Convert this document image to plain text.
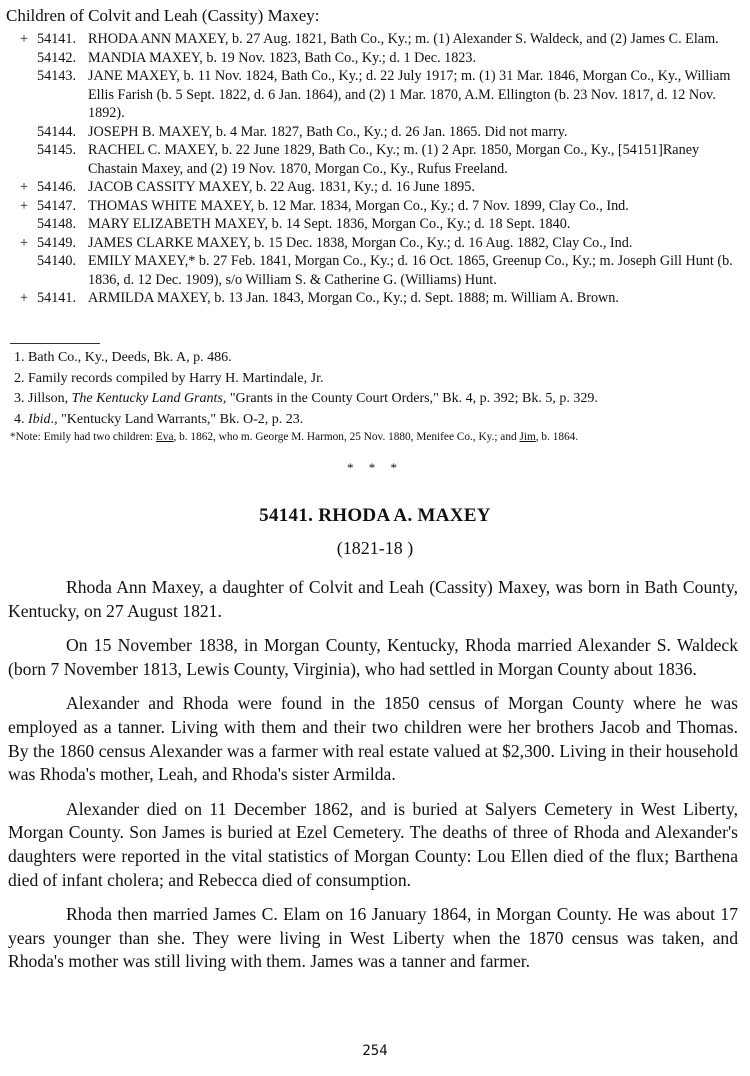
Children of Colvit and Leah (Cassity) Maxey:
+ 54141. RHODA ANN MAXEY, b. 27 Aug. 1821, Bath Co., Ky.; m. (1) Alexander S. Waldeck, and (2) James C. Elam.
54142. MANDIA MAXEY, b. 19 Nov. 1823, Bath Co., Ky.; d. 1 Dec. 1823.
54143. JANE MAXEY, b. 11 Nov. 1824, Bath Co., Ky.; d. 22 July 1917; m. (1) 31 Mar. 1846, Morgan Co., Ky., William Ellis Farish (b. 5 Sept. 1822, d. 6 Jan. 1864), and (2) 1 Mar. 1870, A.M. Ellington (b. 23 Nov. 1817, d. 12 Nov. 1892).
54144. JOSEPH B. MAXEY, b. 4 Mar. 1827, Bath Co., Ky.; d. 26 Jan. 1865. Did not marry.
54145. RACHEL C. MAXEY, b. 22 June 1829, Bath Co., Ky.; m. (1) 2 Apr. 1850, Morgan Co., Ky., [54151]Raney Chastain Maxey, and (2) 19 Nov. 1870, Morgan Co., Ky., Rufus Freeland.
+ 54146. JACOB CASSITY MAXEY, b. 22 Aug. 1831, Ky.; d. 16 June 1895.
+ 54147. THOMAS WHITE MAXEY, b. 12 Mar. 1834, Morgan Co., Ky.; d. 7 Nov. 1899, Clay Co., Ind.
54148. MARY ELIZABETH MAXEY, b. 14 Sept. 1836, Morgan Co., Ky.; d. 18 Sept. 1840.
+ 54149. JAMES CLARKE MAXEY, b. 15 Dec. 1838, Morgan Co., Ky.; d. 16 Aug. 1882, Clay Co., Ind.
54140. EMILY MAXEY,* b. 27 Feb. 1841, Morgan Co., Ky.; d. 16 Oct. 1865, Greenup Co., Ky.; m. Joseph Gill Hunt (b. 1836, d. 12 Dec. 1909), s/o William S. & Catherine G. (Williams) Hunt.
+ 54141. ARMILDA MAXEY, b. 13 Jan. 1843, Morgan Co., Ky.; d. Sept. 1888; m. William A. Brown.

1. Bath Co., Ky., Deeds, Bk. A, p. 486.

2. Family records compiled by Harry H. Martindale, Jr.

3. Jillson, The Kentucky Land Grants, "Grants in the County Court Orders," Bk. 4, p. 392; Bk. 5, p. 329.

4. Ibid., "Kentucky Land Warrants," Bk. O-2, p. 23.

*Note: Emily had two children: Eva, b. 1862, who m. George M. Harmon, 25 Nov. 1880, Menifee Co., Ky.; and Jim, b. 1864.
* * *
54141. RHODA A. MAXEY
(1821-18 )

Rhoda Ann Maxey, a daughter of Colvit and Leah (Cassity) Maxey, was born in Bath County, Kentucky, on 27 August 1821.

On 15 November 1838, in Morgan County, Kentucky, Rhoda married Alexander S. Waldeck (born 7 November 1813, Lewis County, Virginia), who had settled in Morgan County about 1836.

Alexander and Rhoda were found in the 1850 census of Morgan County where he was employed as a tanner. Living with them and their two children were her brothers Jacob and Thomas. By the 1860 census Alexander was a farmer with real estate valued at $2,300. Living in their household was Rhoda's mother, Leah, and Rhoda's sister Armilda.

Alexander died on 11 December 1862, and is buried at Salyers Cemetery in West Liberty, Morgan County. Son James is buried at Ezel Cemetery. The deaths of three of Rhoda and Alexander's daughters were reported in the vital statistics of Morgan County: Lou Ellen died of the flux; Barthena died of infant cholera; and Rebecca died of consumption.

Rhoda then married James C. Elam on 16 January 1864, in Morgan County. He was about 17 years younger than she. They were living in West Liberty when the 1870 census was taken, and Rhoda's mother was still living with them. James was a tanner and farmer.

254
